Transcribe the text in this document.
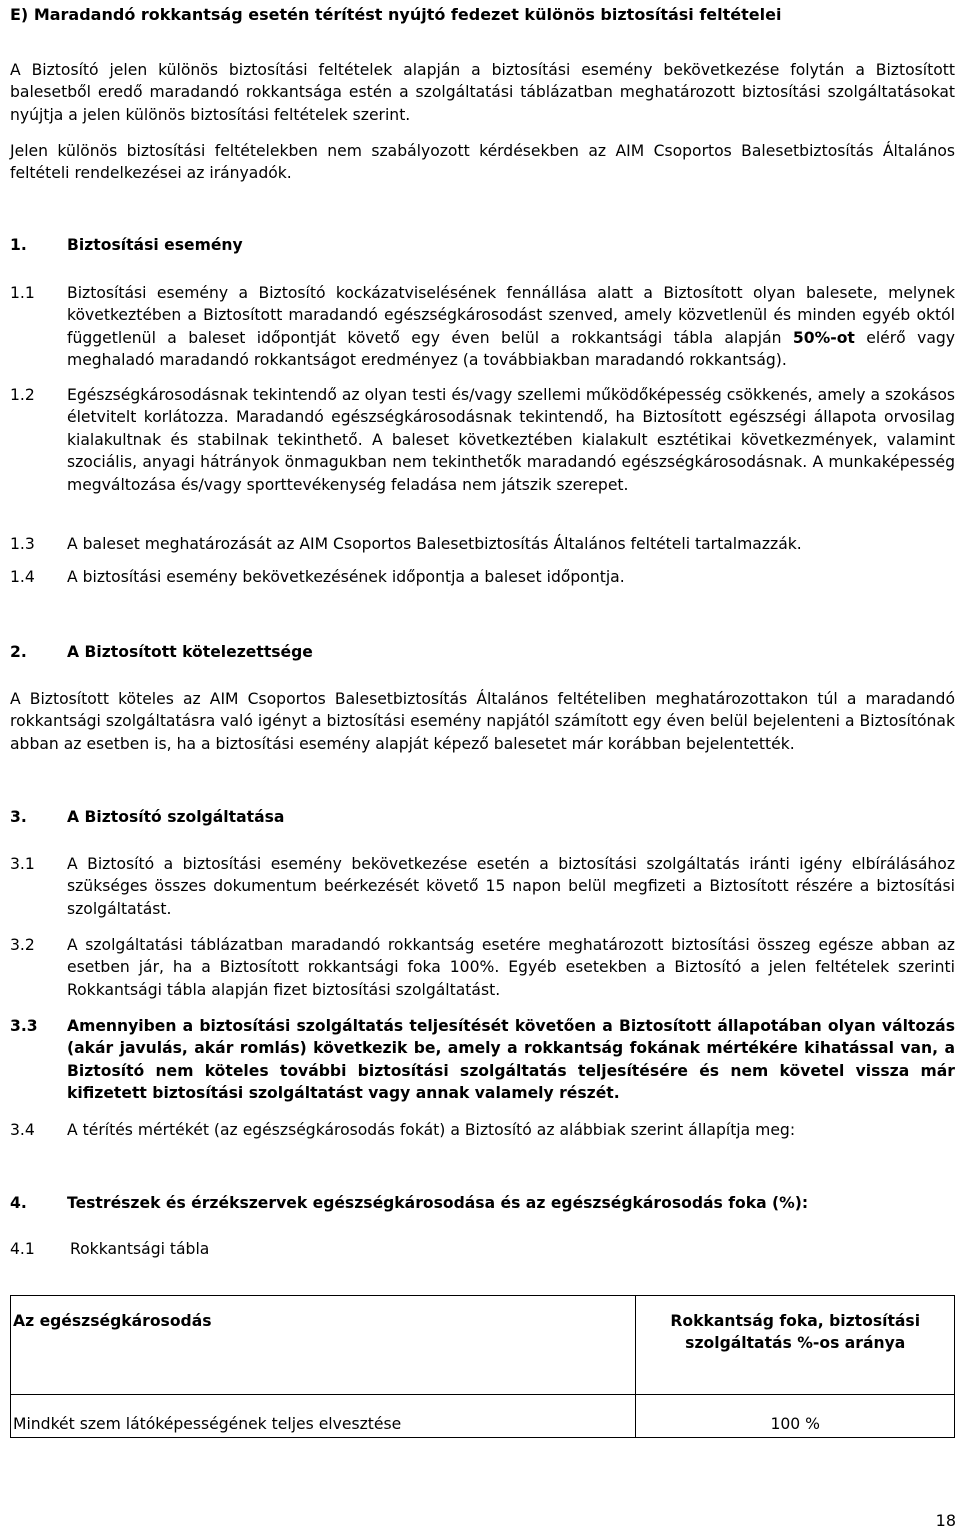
E) Maradandó rokkantság esetén térítést nyújtó fedezet különös biztosítási feltételei
A Biztosító jelen különös biztosítási feltételek alapján a biztosítási esemény bekövetkezése folytán a Biztosított balesetből eredő maradandó rokkantsága estén a szolgáltatási táblázatban meghatározott biztosítási szolgáltatásokat nyújtja a jelen különös biztosítási feltételek szerint.
Jelen különös biztosítási feltételekben nem szabályozott kérdésekben az AIM Csoportos Balesetbiztosítás Általános feltételi rendelkezései az irányadók.
1.	Biztosítási esemény
1.1 Biztosítási esemény a Biztosító kockázatviselésének fennállása alatt a Biztosított olyan balesete, melynek következtében a Biztosított maradandó egészségkárosodást szenved, amely közvetlenül és minden egyéb októl függetlenül a baleset időpontját követő egy éven belül a rokkantsági tábla alapján 50%-ot elérő vagy meghaladó maradandó rokkantságot eredményez (a továbbiakban maradandó rokkantság).
1.2 Egészségkárosodásnak tekintendő az olyan testi és/vagy szellemi működőképesség csökkenés, amely a szokásos életvitelt korlátozza. Maradandó egészségkárosodásnak tekintendő, ha Biztosított egészségi állapota orvosilag kialakultnak és stabilnak tekinthető. A baleset következtében kialakult esztétikai következmények, valamint szociális, anyagi hátrányok önmagukban nem tekinthetők maradandó egészségkárosodásnak. A munkaképesség megváltozása és/vagy sporttevékenység feladása nem játszik szerepet.
1.3 A baleset meghatározását az AIM Csoportos Balesetbiztosítás Általános feltételi tartalmazzák.
1.4 A biztosítási esemény bekövetkezésének időpontja a baleset időpontja.
2.	A Biztosított kötelezettsége
A Biztosított köteles az AIM Csoportos Balesetbiztosítás Általános feltételiben meghatározottakon túl a maradandó rokkantsági szolgáltatásra való igényt a biztosítási esemény napjától számított egy éven belül bejelenteni a Biztosítónak abban az esetben is, ha a biztosítási esemény alapját képező balesetet már korábban bejelentették.
3.	A Biztosító szolgáltatása
3.1 A Biztosító a biztosítási esemény bekövetkezése esetén a biztosítási szolgáltatás iránti igény elbírálásához szükséges összes dokumentum beérkezését követő 15 napon belül megfizeti a Biztosított részére a biztosítási szolgáltatást.
3.2 A szolgáltatási táblázatban maradandó rokkantság esetére meghatározott biztosítási összeg egésze abban az esetben jár, ha a Biztosított rokkantsági foka 100%. Egyéb esetekben a Biztosító a jelen feltételek szerinti Rokkantsági tábla alapján fizet biztosítási szolgáltatást.
3.3 Amennyiben a biztosítási szolgáltatás teljesítését követően a Biztosított állapotában olyan változás (akár javulás, akár romlás) következik be, amely a rokkantság fokának mértékére kihatással van, a Biztosító nem köteles további biztosítási szolgáltatás teljesítésére és nem követel vissza már kifizetett biztosítási szolgáltatást vagy annak valamely részét.
3.4 A térítés mértékét (az egészségkárosodás fokát) a Biztosító az alábbiak szerint állapítja meg:
4.	Testrészek és érzékszervek egészségkárosodása és az egészségkárosodás foka (%):
4.1 Rokkantsági tábla
Az egészségkárosodás	Rokkantság foka, biztosítási
szolgáltatás %-os aránya

Mindkét szem látóképességének teljes elvesztése	100 %
18
